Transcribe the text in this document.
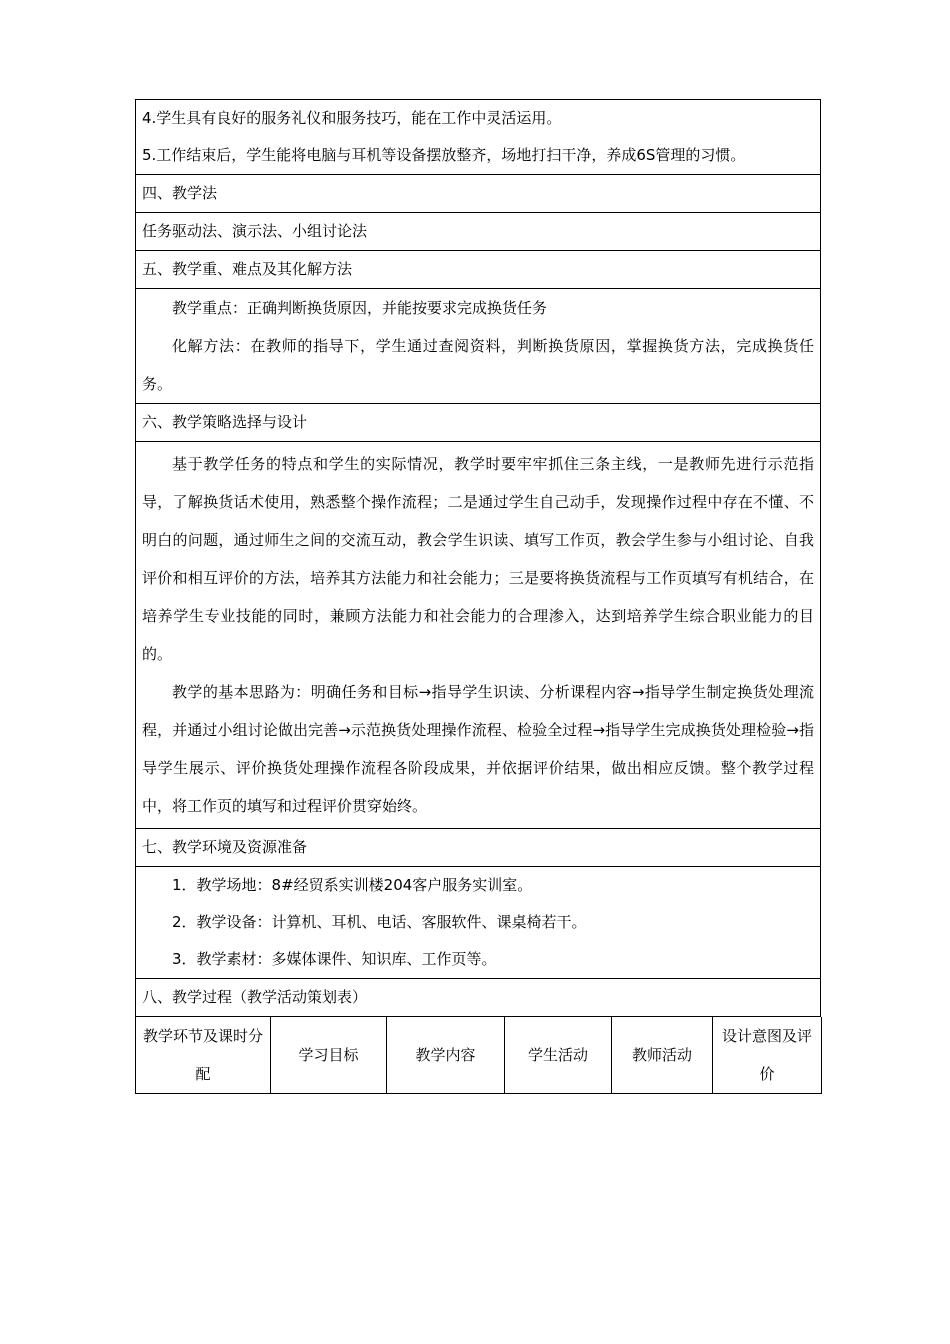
4.学生具有良好的服务礼仪和服务技巧，能在工作中灵活运用。
5.工作结束后，学生能将电脑与耳机等设备摆放整齐，场地打扫干净，养成6S管理的习惯。
四、教学法
任务驱动法、演示法、小组讨论法
五、教学重、难点及其化解方法
教学重点：正确判断换货原因，并能按要求完成换货任务
化解方法：在教师的指导下，学生通过查阅资料，判断换货原因，掌握换货方法，完成换货任务。
六、教学策略选择与设计
基于教学任务的特点和学生的实际情况，教学时要牢牢抓住三条主线，一是教师先进行示范指导，了解换货话术使用，熟悉整个操作流程；二是通过学生自己动手，发现操作过程中存在不懂、不明白的问题，通过师生之间的交流互动，教会学生识读、填写工作页，教会学生参与小组讨论、自我评价和相互评价的方法，培养其方法能力和社会能力；三是要将换货流程与工作页填写有机结合，在培养学生专业技能的同时，兼顾方法能力和社会能力的合理渗入，达到培养学生综合职业能力的目的。
教学的基本思路为：明确任务和目标→指导学生识读、分析课程内容→指导学生制定换货处理流程，并通过小组讨论做出完善→示范换货处理操作流程、检验全过程→指导学生完成换货处理检验→指导学生展示、评价换货处理操作流程各阶段成果，并依据评价结果，做出相应反馈。整个教学过程中，将工作页的填写和过程评价贯穿始终。
七、教学环境及资源准备
1．教学场地：8#经贸系实训楼204客户服务实训室。
2．教学设备：计算机、耳机、电话、客服软件、课桌椅若干。
3．教学素材：多媒体课件、知识库、工作页等。
八、教学过程（教学活动策划表）
教学环节及课时分配	学习目标	教学内容	学生活动	教师活动	设计意图及评价
